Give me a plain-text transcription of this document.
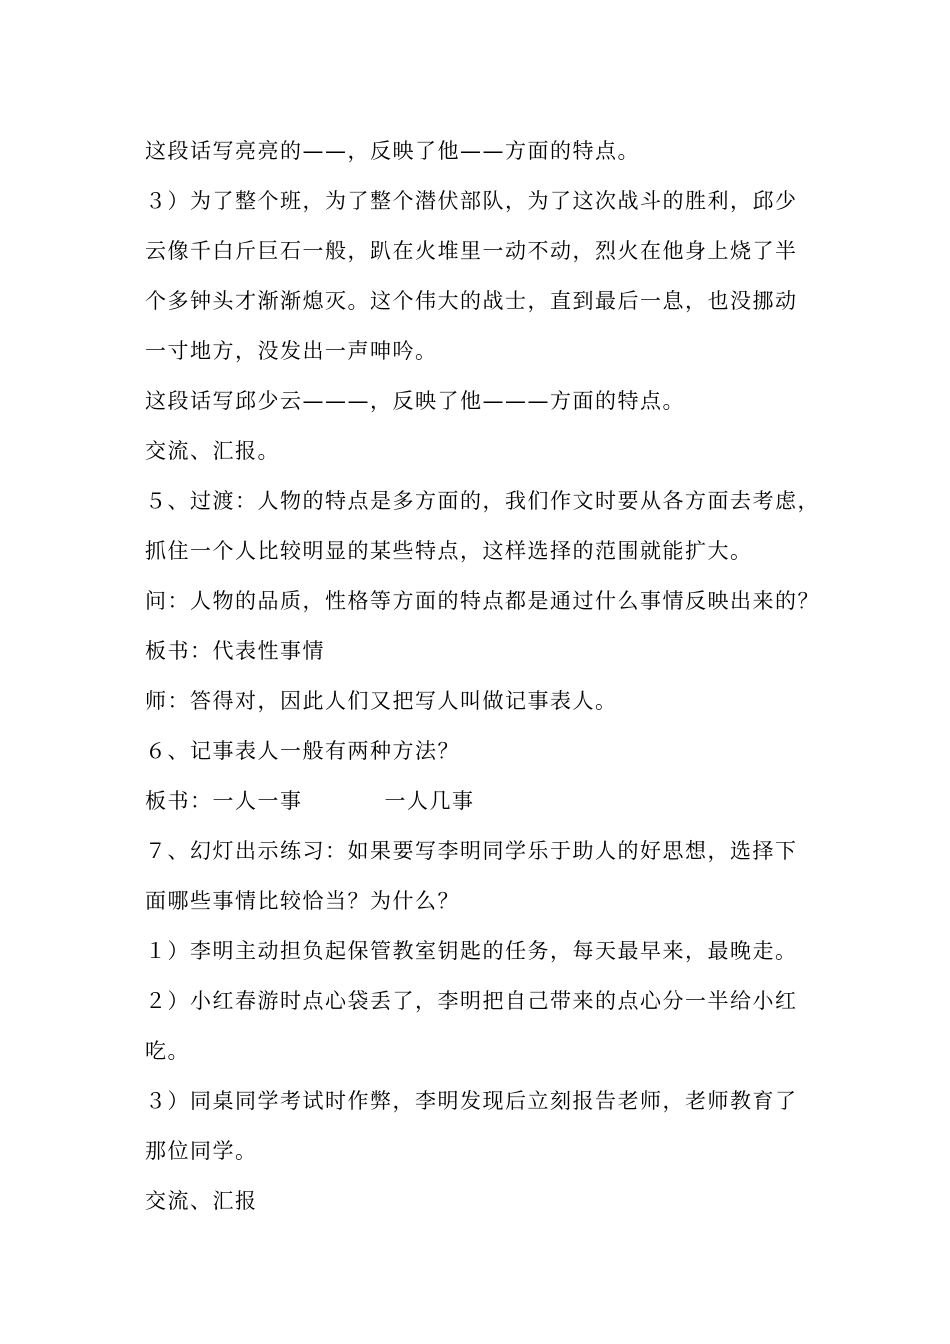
这段话写亮亮的——，反映了他——方面的特点。
３）为了整个班，为了整个潜伏部队，为了这次战斗的胜利，邱少
云像千白斤巨石一般，趴在火堆里一动不动，烈火在他身上烧了半
个多钟头才渐渐熄灭。这个伟大的战士，直到最后一息，也没挪动
一寸地方，没发出一声呻吟。
这段话写邱少云———，反映了他———方面的特点。
交流、汇报。
５、过渡：人物的特点是多方面的，我们作文时要从各方面去考虑，
抓住一个人比较明显的某些特点，这样选择的范围就能扩大。
问：人物的品质，性格等方面的特点都是通过什么事情反映出来的？
板书：代表性事情
师：答得对，因此人们又把写人叫做记事表人。
６、记事表人一般有两种方法？
板书：一人一事	一人几事
７、幻灯出示练习：如果要写李明同学乐于助人的好思想，选择下
面哪些事情比较恰当？为什么？
１）李明主动担负起保管教室钥匙的任务，每天最早来，最晚走。
２）小红春游时点心袋丢了，李明把自己带来的点心分一半给小红
吃。
３）同桌同学考试时作弊，李明发现后立刻报告老师，老师教育了
那位同学。
交流、汇报
